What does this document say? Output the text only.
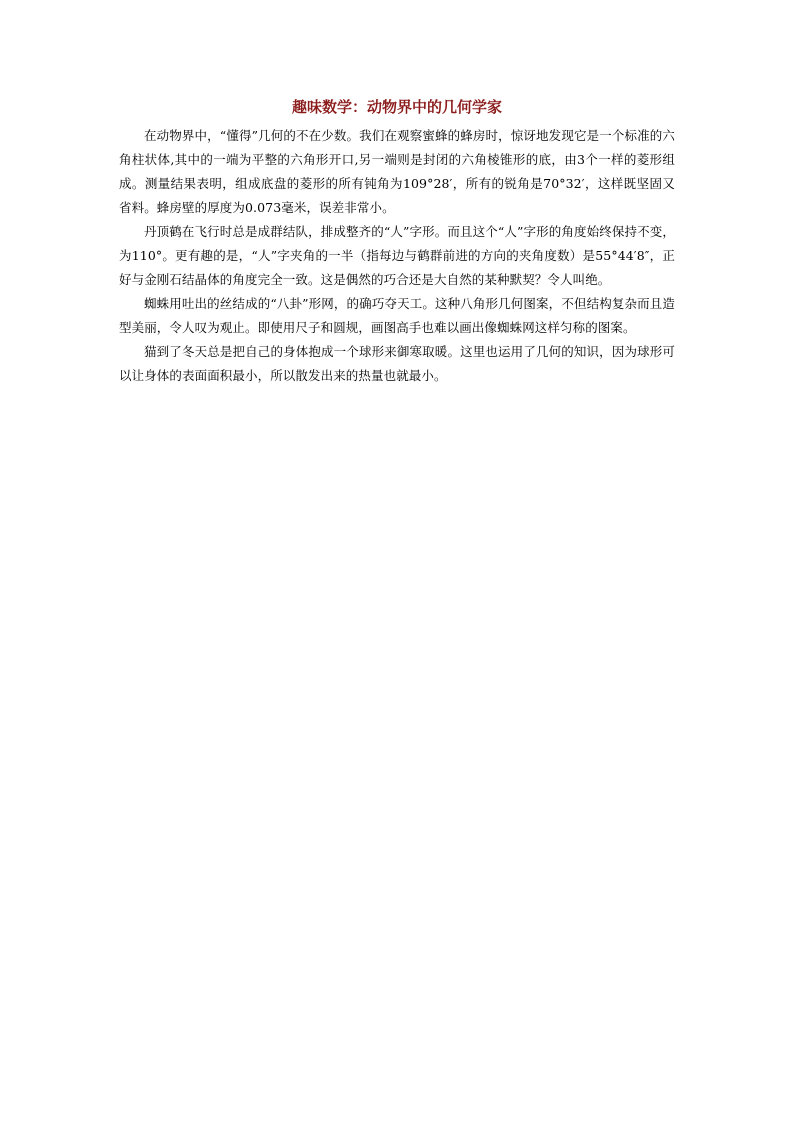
趣味数学：动物界中的几何学家

在动物界中，“懂得”几何的不在少数。我们在观察蜜蜂的蜂房时，惊讶地发现它是一个标准的六角柱状体,其中的一端为平整的六角形开口,另一端则是封闭的六角棱锥形的底，由3个一样的菱形组成。测量结果表明，组成底盘的菱形的所有钝角为109°28′，所有的锐角是70°32′，这样既坚固又省料。蜂房壁的厚度为0.073毫米，误差非常小。

丹顶鹤在飞行时总是成群结队，排成整齐的“人”字形。而且这个“人”字形的角度始终保持不变，为110°。更有趣的是，“人”字夹角的一半（指每边与鹤群前进的方向的夹角度数）是55°44′8″，正好与金刚石结晶体的角度完全一致。这是偶然的巧合还是大自然的某种默契？令人叫绝。

蜘蛛用吐出的丝结成的“八卦”形网，的确巧夺天工。这种八角形几何图案，不但结构复杂而且造型美丽，令人叹为观止。即使用尺子和圆规，画图高手也难以画出像蜘蛛网这样匀称的图案。

猫到了冬天总是把自己的身体抱成一个球形来御寒取暖。这里也运用了几何的知识，因为球形可以让身体的表面面积最小，所以散发出来的热量也就最小。
